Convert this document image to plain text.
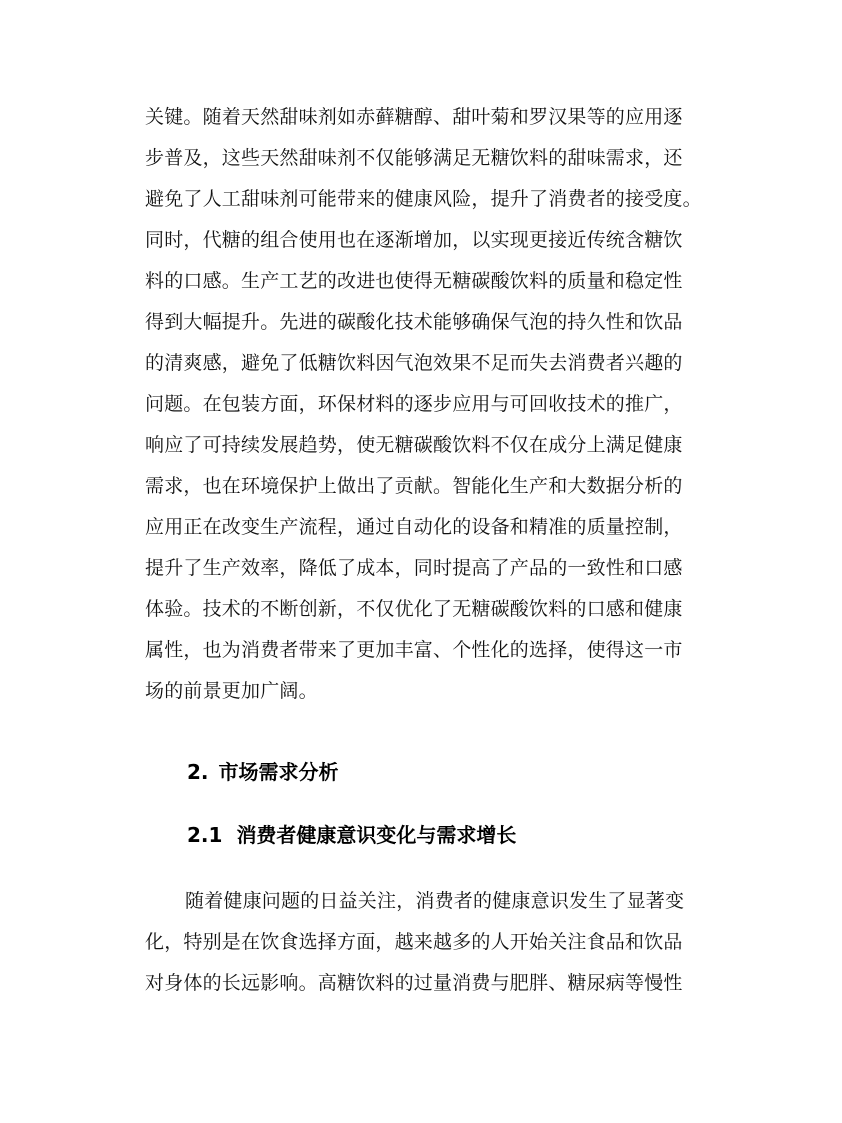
关键。随着天然甜味剂如赤藓糖醇、甜叶菊和罗汉果等的应用逐
步普及，这些天然甜味剂不仅能够满足无糖饮料的甜味需求，还
避免了人工甜味剂可能带来的健康风险，提升了消费者的接受度。
同时，代糖的组合使用也在逐渐增加，以实现更接近传统含糖饮
料的口感。生产工艺的改进也使得无糖碳酸饮料的质量和稳定性
得到大幅提升。先进的碳酸化技术能够确保气泡的持久性和饮品
的清爽感，避免了低糖饮料因气泡效果不足而失去消费者兴趣的
问题。在包装方面，环保材料的逐步应用与可回收技术的推广，
响应了可持续发展趋势，使无糖碳酸饮料不仅在成分上满足健康
需求，也在环境保护上做出了贡献。智能化生产和大数据分析的
应用正在改变生产流程，通过自动化的设备和精准的质量控制，
提升了生产效率，降低了成本，同时提高了产品的一致性和口感
体验。技术的不断创新，不仅优化了无糖碳酸饮料的口感和健康
属性，也为消费者带来了更加丰富、个性化的选择，使得这一市
场的前景更加广阔。
2. 市场需求分析
2.1 消费者健康意识变化与需求增长
随着健康问题的日益关注，消费者的健康意识发生了显著变
化，特别是在饮食选择方面，越来越多的人开始关注食品和饮品
对身体的长远影响。高糖饮料的过量消费与肥胖、糖尿病等慢性
